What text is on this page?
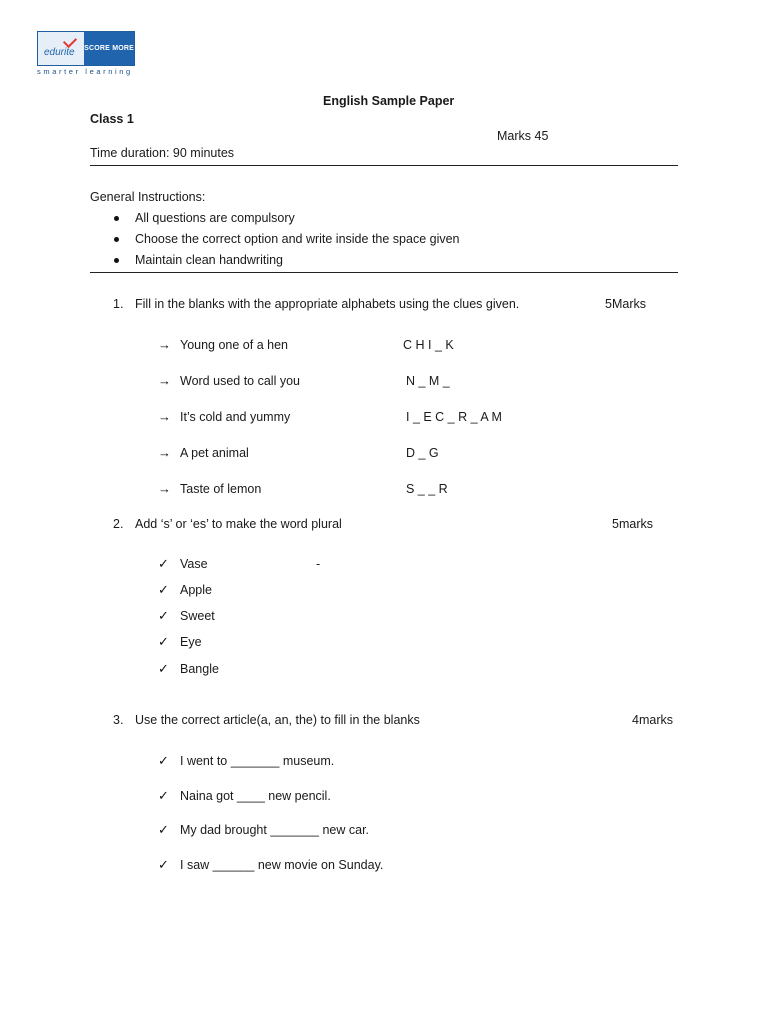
edurite SCORE MORE
smarter learning
English Sample Paper
Class 1
Marks 45
Time duration: 90 minutes
General Instructions:
All questions are compulsory
Choose the correct option and write inside the space given
Maintain clean handwriting
1. Fill in the blanks with the appropriate alphabets using the clues given.	5Marks
→ Young one of a hen	C H I _ K
→ Word used to call you	N _ M _
→ It’s cold and yummy	I _ E C _ R _ A M
→ A pet animal	D _ G
→ Taste of lemon	S _ _ R
2. Add ‘s’ or ‘es’ to make the word plural	5marks
✓ Vase	-
✓ Apple
✓ Sweet
✓ Eye
✓ Bangle
3. Use the correct article(a, an, the) to fill in the blanks	4marks
✓ I went to _______ museum.
✓ Naina got ____ new pencil.
✓ My dad brought _______ new car.
✓ I saw ______ new movie on Sunday.
